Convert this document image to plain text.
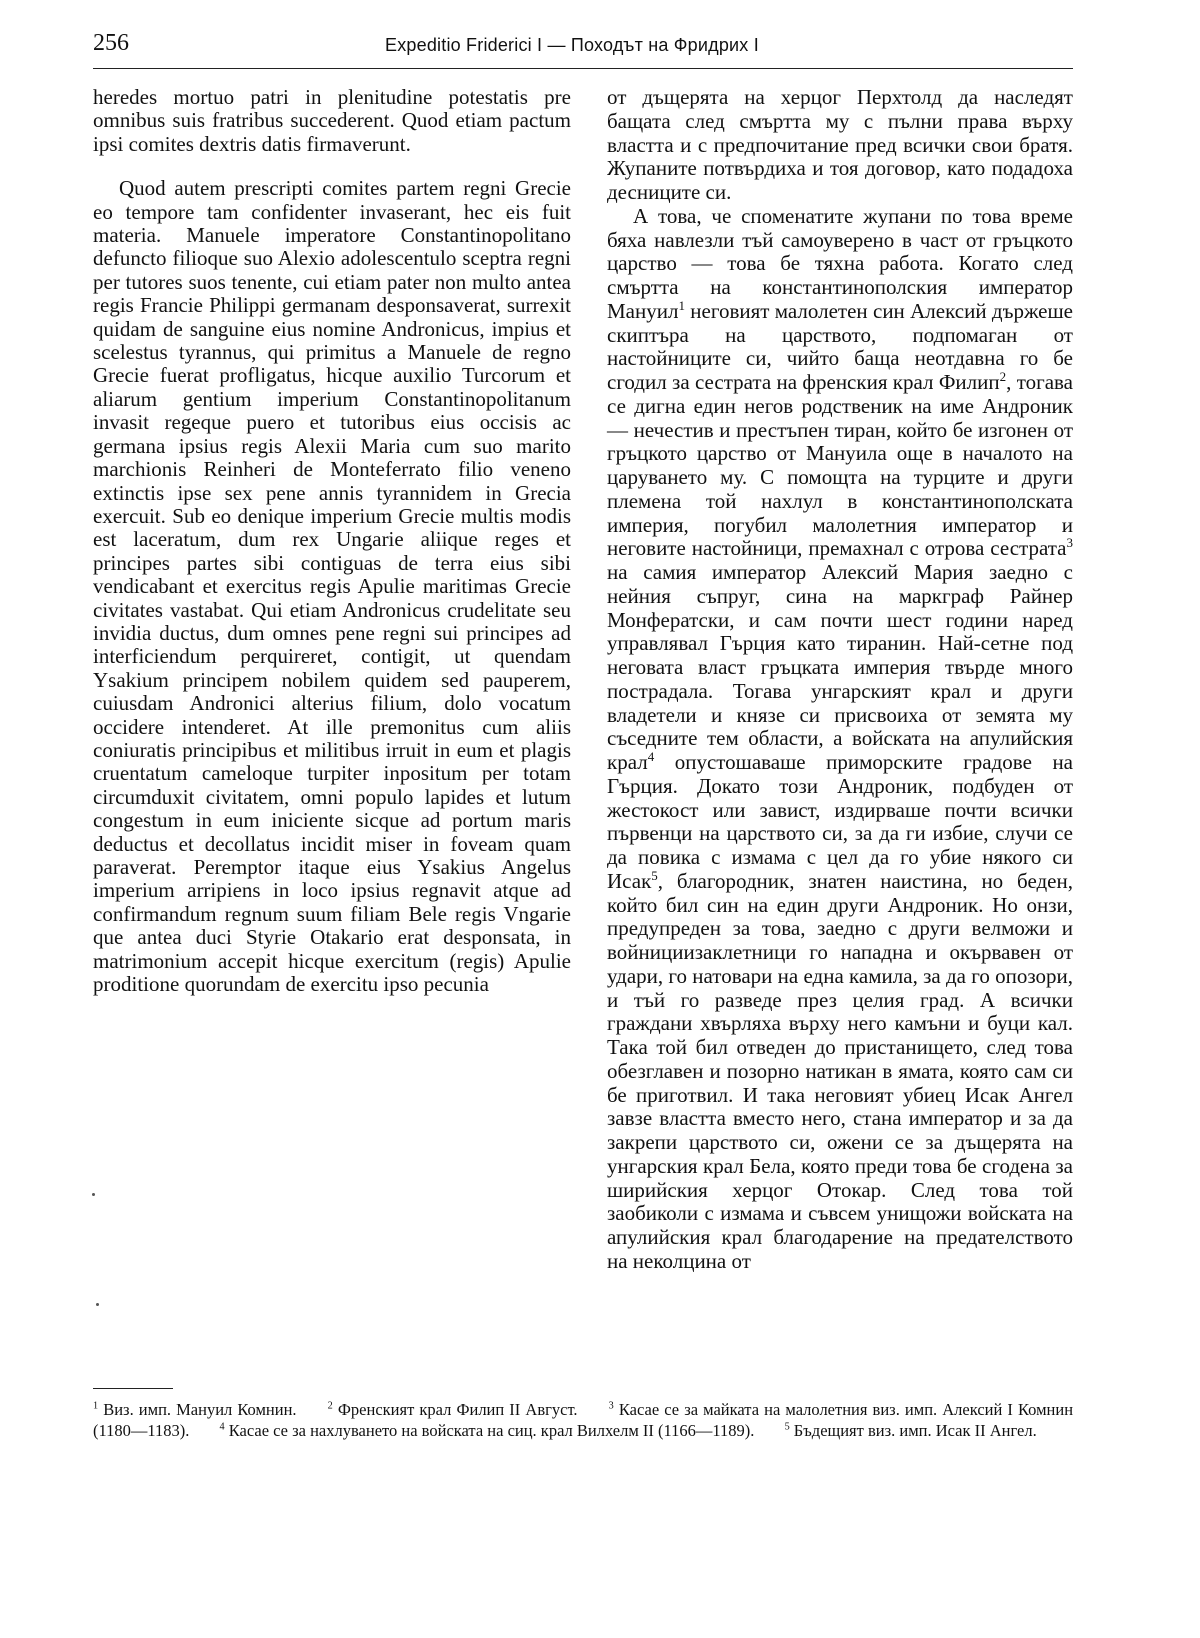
256	Expeditio Friderici I — Походът на Фридрих I

heredes mortuo patri in plenitudine potestatis pre omnibus suis fratribus succederent. Quod etiam pactum ipsi comites dextris datis firmaverunt.

Quod autem prescripti comites partem regni Grecie eo tempore tam confidenter invaserant, hec eis fuit materia. Manuele imperatore Constantinopolitano defuncto filioque suo Alexio adolescentulo sceptra regni per tutores suos tenente, cui etiam pater non multo antea regis Francie Philippi germanam desponsaverat, surrexit quidam de sanguine eius nomine Andronicus, impius et scelestus tyrannus, qui primitus a Manuele de regno Grecie fuerat profligatus, hicque auxilio Turcorum et aliarum gentium imperium Constantinopolitanum invasit regeque puero et tutoribus eius occisis ac germana ipsius regis Alexii Maria cum suo marito marchionis Reinheri de Monteferrato filio veneno extinctis ipse sex pene annis tyrannidem in Grecia exercuit. Sub eo denique imperium Grecie multis modis est laceratum, dum rex Ungarie aliique reges et principes partes sibi contiguas de terra eius sibi vendicabant et exercitus regis Apulie maritimas Grecie civitates vastabat. Qui etiam Andronicus crudelitate seu invidia ductus, dum omnes pene regni sui principes ad interficiendum perquireret, contigit, ut quendam Ysakium principem nobilem quidem sed pauperem, cuiusdam Andronici alterius filium, dolo vocatum occidere intenderet. At ille premonitus cum aliis coniuratis principibus et militibus irruit in eum et plagis cruentatum cameloque turpiter inpositum per totam circumduxit civitatem, omni populo lapides et lutum congestum in eum iniciente sicque ad portum maris deductus et decollatus incidit miser in foveam quam paraverat. Peremptor itaque eius Ysakius Angelus imperium arripiens in loco ipsius regnavit atque ad confirmandum regnum suum filiam Bele regis Vngarie que antea duci Styrie Otakario erat desponsata, in matrimonium accepit hicque exercitum (regis) Apulie proditione quorundam de exercitu ipso pecunia

от дъщерята на херцог Перхтолд да наследят бащата след смъртта му с пълни права върху властта и с предпочитание пред всички свои братя. Жупаните потвърдиха и тоя договор, като подадоха десниците си.

А това, че споменатите жупани по това време бяха навлезли тъй самоуверено в част от гръцкото царство — това бе тяхна работа. Когато след смъртта на константинополския император Мануил$^1$ неговият малолетен син Алексий държеше скиптъра на царството, подпомаган от настойниците си, чийто баща неотдавна го бе сгодил за сестрата на френския крал Филип$^2$, тогава се дигна един негов родственик на име Андроник — нечестив и престъпен тиран, който бе изгонен от гръцкото царство от Мануила още в началото на царуването му. С помощта на турците и други племена той нахлул в константинополската империя, погубил малолетния император и неговите настойници, премахнал с отрова сестрата$^3$ на самия император Алексий Мария заедно с нейния съпруг, сина на маркграф Райнер Монфератски, и сам почти шест години наред управлявал Гърция като тиранин. Най-сетне под неговата власт гръцката империя твърде много пострадала. Тогава унгарският крал и други владетели и князе си присвоиха от земята му съседните тем области, а войската на апулийския крал$^4$ опустошаваше приморските градове на Гърция. Докато този Андроник, подбуден от жестокост или завист, издирваше почти всички първенци на царството си, за да ги избие, случи се да повика с измама с цел да го убие някого си Исак$^5$, благородник, знатен наистина, но беден, който бил син на един други Андроник. Но онзи, предупреден за това, заедно с други велможи и войнициизаклетници го нападна и окървавен от удари, го натовари на една камила, за да го опозори, и тъй го разведе през целия град. А всички граждани хвърляха върху него камъни и буци кал. Така той бил отведен до пристанището, след това обезглавен и позорно натикан в ямата, която сам си бе приготвил. И така неговият убиец Исак Ангел завзе властта вместо него, стана император и за да закрепи царството си, ожени се за дъщерята на унгарския крал Бела, която преди това бе сгодена за ширийския херцог Отокар. След това той заобиколи с измама и съвсем унищожи войската на апулийския крал благодарение на предателството на неколцина от

$^1$ Виз. имп. Мануил Комнин.	$^2$ Френският крал Филип II Август.	$^3$ Касае се за майката на малолетния виз. имп. Алексий I Комнин (1180—1183).	$^4$ Касае се за нахлуването на войската на сиц. крал Вилхелм II (1166—1189).	$^5$ Бъдещият виз. имп. Исак II Ангел.
